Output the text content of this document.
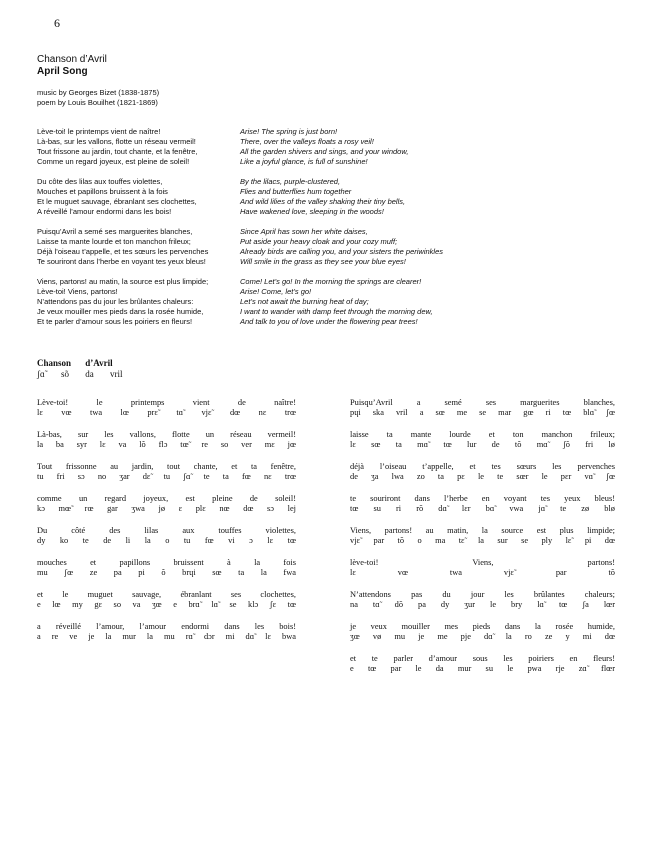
6
Chanson d’Avril
April Song
music by Georges Bizet (1838-1875)
poem by Louis Bouilhet (1821-1869)
Lève-toi! le printemps vient de naître!
Là-bas, sur les vallons, flotte un réseau vermeil!
Tout frissone au jardin, tout chante, et la fenêtre,
Comme un regard joyeux, est pleine de soleil!
Du côte des lilas aux touffes violettes,
Mouches et papillons bruissent à la fois
Et le muguet sauvage, ébranlant ses clochettes,
A réveillé l’amour endormi dans les bois!
Puisqu’Avril a semé ses marguerites blanches,
Laisse ta mante lourde et ton manchon frileux;
Déjà l’oiseau t’appelle, et tes sœurs les pervenches
Te souriront dans l’herbe en voyant tes yeux bleus!
Viens, partons! au matin, la source est plus limpide;
Lève-toi! Viens, partons!
N’attendons pas du jour les brûlantes chaleurs:
Je veux mouiller mes pieds dans la rosée humide,
Et te parler d’amour sous les poiriers en fleurs!
Arise! The spring is just born!
There, over the valleys floats a rosy veil!
All the garden shivers and sings, and your window,
Like a joyful glance, is full of sunshine!
By the lilacs, purple-clustered,
Flies and butterflies hum together
And wild lilies of the valley shaking their tiny bells,
Have wakened love, sleeping in the woods!
Since April has sown her white daises,
Put aside your heavy cloak and your cozy muff;
Already birds are calling you, and your sisters the periwinkles
Will smile in the grass as they see your blue eyes!
Come! Let’s go! In the morning the springs are clearer!
Arise! Come, let’s go!
Let’s not await the burning heat of day;
I want to wander with damp feet through the morning dew,
And talk to you of love under the flowering pear trees!
Chanson d’Avril
ʃɑ̃ sõ da vril
Lève-toi! le printemps vient de naître!
lɛ vœ twa lœ prɛ̃ tɑ̃ vjɛ̃ dœ nɛ trœ
Là-bas, sur les vallons, flotte un réseau vermeil!
la ba syr lɛ va lõ flɔ tœ̃ re so ver mɛ jœ
Tout frissonne au jardin, tout chante, et ta fenêtre,
tu fri sɔ no ʒar dɛ̃ tu ʃɑ̃ te ta fœ nɛ trœ
comme un regard joyeux, est pleine de soleil!
kɔ mœ̃ rœ gar ʒwa jø ɛ plɛ nœ dœ sɔ lej
Du côté des lilas aux touffes violettes,
dy ko te de li la o tu fœ vi ɔ lɛ tœ
mouches et papillons bruissent à la fois
mu ʃœ ze pa pi õ brɥi sœ ta la fwa
et le muguet sauvage, ébranlant ses clochettes,
e lœ my gɛ so va ʒœ e brɑ̃ lɑ̃ se klɔ ʃɛ tœ
a réveillé l’amour, l’amour endormi dans les bois!
a re ve je la mur la mu rɑ̃ dɔr mi dɑ̃ lɛ bwa
Puisqu’Avril a semé ses marguerites blanches,
pɥi ska vril a sœ me se mar gœ ri tœ blɑ̃ ʃœ
laisse ta mante lourde et ton manchon frileux;
lɛ sœ ta mɑ̃ tœ lur de tõ mɑ̃ ʃõ fri lø
déjà l’oiseau t’appelle, et tes sœurs les pervenches
de ʒa lwa zo ta pɛ le te sœr le pɛr vɑ̃ ʃœ
te souriront dans l’herbe en voyant tes yeux bleus!
tœ su ri rõ dɑ̃ lɛr bɑ̃ vwa jɑ̃ te zø blø
Viens, partons! au matin, la source est plus limpide;
vjɛ̃ par tõ o ma tɛ̃ la sur se ply lɛ̃ pi dœ
lève-toi! Viens, partons!
lɛ vœ twa vjɛ̃ par tõ
N’attendons pas du jour les brûlantes chaleurs;
na tɑ̃ dõ pa dy ʒur le bry lɑ̃ tœ ʃa lœr
je veux mouiller mes pieds dans la rosée humide,
ʒœ vø mu je me pje dɑ̃ la ro ze y mi dœ
et te parler d’amour sous les poiriers en fleurs!
e tœ par le da mur su le pwa rje zɑ̃ flœr
